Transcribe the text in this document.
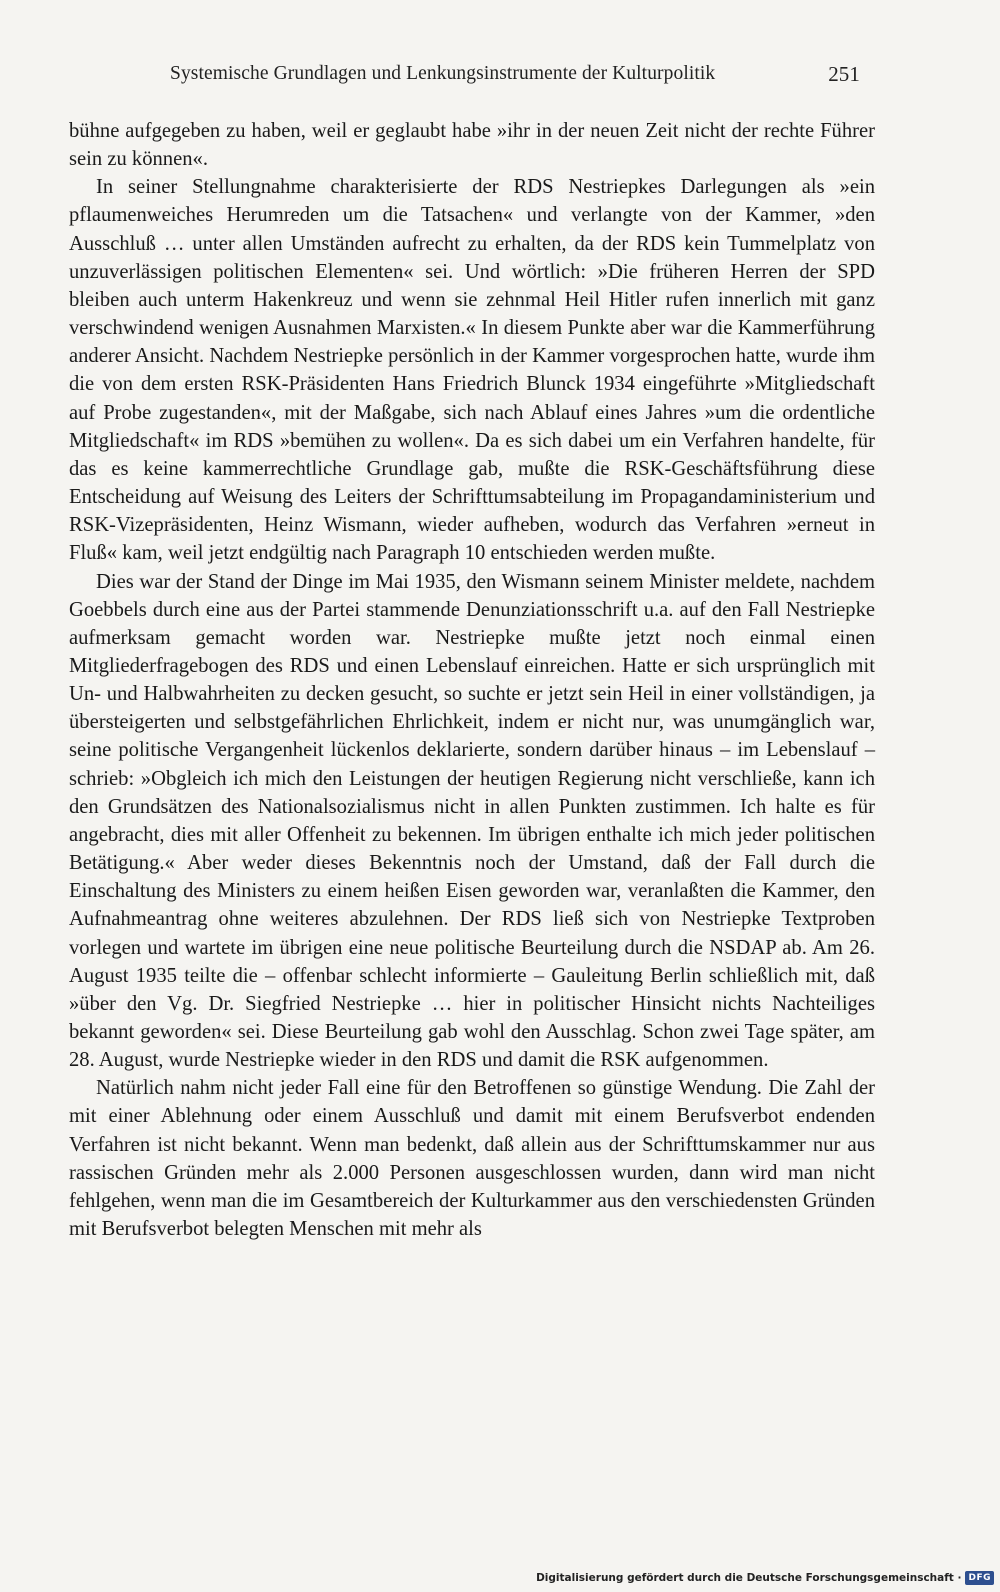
Systemische Grundlagen und Lenkungsinstrumente der Kulturpolitik	251

bühne aufgegeben zu haben, weil er geglaubt habe »ihr in der neuen Zeit nicht der rechte Führer sein zu können«.

In seiner Stellungnahme charakterisierte der RDS Nestriepkes Darlegungen als »ein pflaumenweiches Herumreden um die Tatsachen« und verlangte von der Kammer, »den Ausschluß … unter allen Umständen aufrecht zu erhalten, da der RDS kein Tummelplatz von unzuverlässigen politischen Elementen« sei. Und wörtlich: »Die früheren Herren der SPD bleiben auch unterm Hakenkreuz und wenn sie zehnmal Heil Hitler rufen innerlich mit ganz verschwindend wenigen Ausnahmen Marxisten.« In diesem Punkte aber war die Kammerführung anderer Ansicht. Nachdem Nestriepke persönlich in der Kammer vorgesprochen hatte, wurde ihm die von dem ersten RSK-Präsidenten Hans Friedrich Blunck 1934 eingeführte »Mitgliedschaft auf Probe zugestanden«, mit der Maßgabe, sich nach Ablauf eines Jahres »um die ordentliche Mitgliedschaft« im RDS »bemühen zu wollen«. Da es sich dabei um ein Verfahren handelte, für das es keine kammerrechtliche Grundlage gab, mußte die RSK-Geschäftsführung diese Entscheidung auf Weisung des Leiters der Schrifttumsabteilung im Propagandaministerium und RSK-Vizepräsidenten, Heinz Wismann, wieder aufheben, wodurch das Verfahren »erneut in Fluß« kam, weil jetzt endgültig nach Paragraph 10 entschieden werden mußte.

Dies war der Stand der Dinge im Mai 1935, den Wismann seinem Minister meldete, nachdem Goebbels durch eine aus der Partei stammende Denunziationsschrift u.a. auf den Fall Nestriepke aufmerksam gemacht worden war. Nestriepke mußte jetzt noch einmal einen Mitgliederfragebogen des RDS und einen Lebenslauf einreichen. Hatte er sich ursprünglich mit Un- und Halbwahrheiten zu decken gesucht, so suchte er jetzt sein Heil in einer vollständigen, ja übersteigerten und selbstgefährlichen Ehrlichkeit, indem er nicht nur, was unumgänglich war, seine politische Vergangenheit lückenlos deklarierte, sondern darüber hinaus – im Lebenslauf – schrieb: »Obgleich ich mich den Leistungen der heutigen Regierung nicht verschließe, kann ich den Grundsätzen des Nationalsozialismus nicht in allen Punkten zustimmen. Ich halte es für angebracht, dies mit aller Offenheit zu bekennen. Im übrigen enthalte ich mich jeder politischen Betätigung.« Aber weder dieses Bekenntnis noch der Umstand, daß der Fall durch die Einschaltung des Ministers zu einem heißen Eisen geworden war, veranlaßten die Kammer, den Aufnahmeantrag ohne weiteres abzulehnen. Der RDS ließ sich von Nestriepke Textproben vorlegen und wartete im übrigen eine neue politische Beurteilung durch die NSDAP ab. Am 26. August 1935 teilte die – offenbar schlecht informierte – Gauleitung Berlin schließlich mit, daß »über den Vg. Dr. Siegfried Nestriepke … hier in politischer Hinsicht nichts Nachteiliges bekannt geworden« sei. Diese Beurteilung gab wohl den Ausschlag. Schon zwei Tage später, am 28. August, wurde Nestriepke wieder in den RDS und damit die RSK aufgenommen.

Natürlich nahm nicht jeder Fall eine für den Betroffenen so günstige Wendung. Die Zahl der mit einer Ablehnung oder einem Ausschluß und damit mit einem Berufsverbot endenden Verfahren ist nicht bekannt. Wenn man bedenkt, daß allein aus der Schrifttumskammer nur aus rassischen Gründen mehr als 2.000 Personen ausgeschlossen wurden, dann wird man nicht fehlgehen, wenn man die im Gesamtbereich der Kulturkammer aus den verschiedensten Gründen mit Berufsverbot belegten Menschen mit mehr als

Digitalisierung gefördert durch die Deutsche Forschungsgemeinschaft · DFG
